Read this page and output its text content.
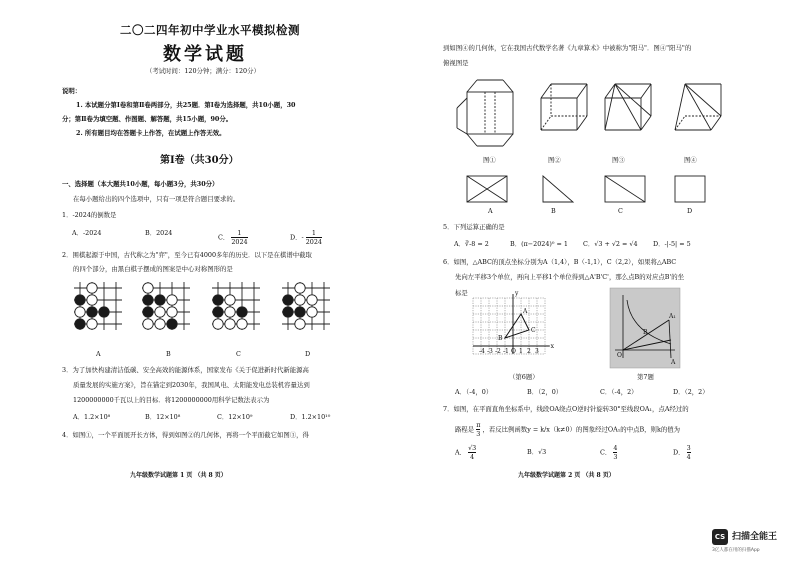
二〇二四年初中学业水平模拟检测
数学试题
（考试时间：120分钟；满分：120分）
说明：
1. 本试题分第Ⅰ卷和第Ⅱ卷两部分，共25题．第Ⅰ卷为选择题，共10小题，30
分；第Ⅱ卷为填空题、作图题、解答题，共15小题，90分。
2. 所有题目均在答题卡上作答，在试题上作答无效。
第Ⅰ卷（共30分）
一、选择题（本大题共10小题，每小题3分，共30分）
在每小题给出的四个选项中，只有一项是符合题目要求的。
1．-2024的倒数是
A．-2024	B．2024
C． $\frac{1}{2024}$	D．- $\frac{1}{2024}$
2．围棋起源于中国，古代称之为"弈"，至今已有4000多年的历史．以下是在棋谱中截取
的四个部分，由黑白棋子摆成的图案是中心对称图形的是
A	B	C	D
3．为了加快构建清洁低碳、安全高效的能源体系，国家发布《关于促进新时代新能源高
质量发展的实施方案》，旨在锚定到2030年，我国风电、太阳能发电总装机容量达到
1200000000千瓦以上的目标．将1200000000用科学记数法表示为
A．1.2×10⁸	B．12×10⁸	C．12×10⁹	D．1.2×10¹⁰
4．如图①，一个平面展开长方体，得到如图②的几何体，再将一个平面截它如图③，得
九年级数学试题第 1 页 （共 8 页）
到如图④的几何体，它在我国古代数学名著《九章算术》中被称为"阳马"．图④"阳马"的
俯视图是
图①	图②	图③	图④
A	B	C	D
5．下列运算正确的是
A．∛-8 = 2	B．(π−2024)⁰ = 1 C．√3 + √2 = √4 D．-|-5| = 5
6．如图，△ABC的顶点坐标分别为A（1,4），B（-1,1），C（2,2），如果将△ABC
先向左平移3个单位，再向上平移1个单位得到△A'B'C'，那么点B的对应点B'的坐
标是
A
B
C
x
y
-4 -3 -2 -1 O 1 2 3
A₁
B
O
A
（第6题）	第7题
A．（-4，0）	B．（2，0）	C．（-4，2）	D．（2，2）
7．如图，在平面直角坐标系中，线段OA绕点O逆时针旋转30°至线段OA₁，点A经过的
路程是 $\frac{\pi}{3}$ ，若反比例函数y = k/x（k≠0）的图象经过OA₁的中点B，则k的值为
A． $\frac{√3}{4}$	B．√3	C． $\frac{4}{3}$	D． $\frac{3}{4}$
九年级数学试题第 2 页 （共 8 页）
CS 扫描全能王
3亿人都在用的扫描App
